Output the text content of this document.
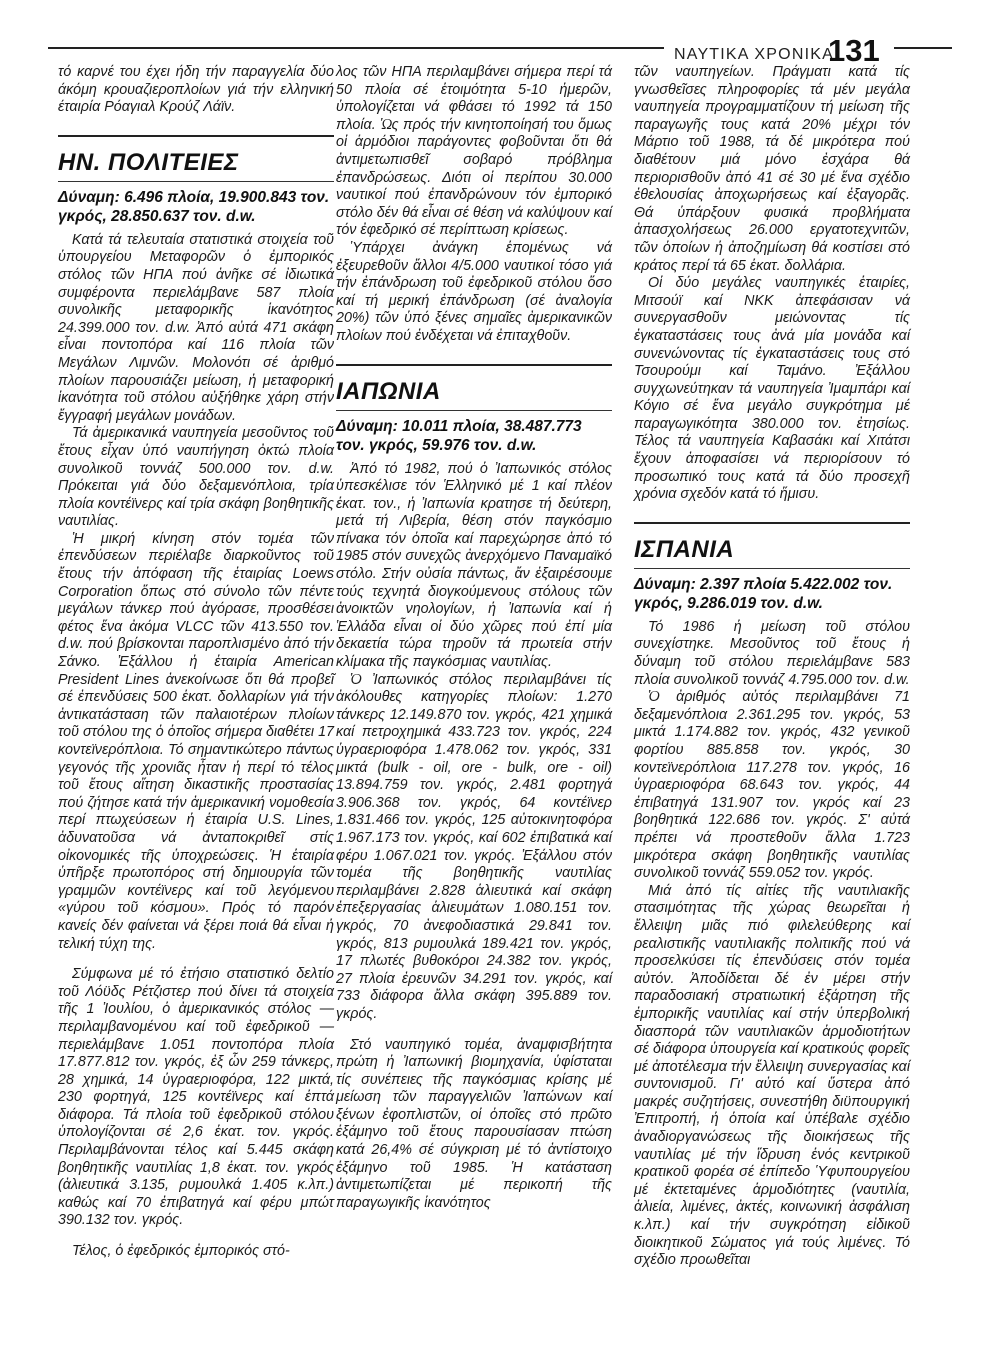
ΝΑΥΤΙΚΑ ΧΡΟΝΙΚΑ
131

τό καρνέ του έχει ήδη τήν παραγγελία δύο άκόμη κρουαζιεροπλοίων γιά τήν ελληνική έταιρία Ρόαγιαλ Κρούζ Λάϊν.

ΗΝ. ΠΟΛΙΤΕΙΕΣ
Δύναμη: 6.496 πλοία, 19.900.843 τον. γκρός, 28.850.637 τον. d.w.

Κατά τά τελευταία στατιστικά στοιχεία τοῦ ὑπουργείου Μεταφορῶν ὁ ἐμπορικός στόλος τῶν ΗΠΑ πού ἀνῆκε σέ ἰδιωτικά συμφέροντα περιελάμβανε 587 πλοία συνολικῆς μεταφορικῆς ἱκανότητος 24.399.000 τον. d.w. Ἀπό αὐτά 471 σκάφη εἶναι ποντοπόρα καί 116 πλοία τῶν Μεγάλων Λιμνῶν. Μολονότι σέ ἀριθμό πλοίων παρουσιάζει μείωση, ἡ μεταφορική ἱκανότητα τοῦ στόλου αὐξήθηκε χάρη στήν ἔγγραφή μεγάλων μονάδων.

Τά ἀμερικανικά ναυπηγεία μεσοῦντος τοῦ ἔτους εἶχαν ὑπό ναυπήγηση ὀκτώ πλοία συνολικοῦ τοννάζ 500.000 τον. d.w. Πρόκειται γιά δύο δεξαμενόπλοια, τρία πλοία κοντέϊνερς καί τρία σκάφη βοηθητικῆς ναυτιλίας.

Ἡ μικρή κίνηση στόν τομέα τῶν ἐπενδύσεων περιέλαβε διαρκοῦντος τοῦ ἔτους τήν ἀπόφαση τῆς ἑταιρίας Loews Corporation ὅπως στό σύνολο τῶν πέντε μεγάλων τάνκερ πού ἀγόρασε, προσθέσει φέτος ἕνα ἀκόμα VLCC τῶν 413.550 τον. d.w. πού βρίσκονται παροπλισμένο ἀπό τήν Σάνκο. Ἐξάλλου ἡ ἑταιρία American President Lines ἀνεκοίνωσε ὅτι θά προβεῖ σέ ἐπενδύσεις 500 ἑκατ. δολλαρίων γιά τήν ἀντικατάσταση τῶν παλαιοτέρων πλοίων τοῦ στόλου της ὁ ὁποῖος σήμερα διαθέτει 17 κοντεϊνερόπλοια. Τό σημαντικώτερο πάντως γεγονός τῆς χρονιᾶς ἦταν ἡ περί τό τέλος τοῦ ἔτους αἴτηση δικαστικῆς προστασίας πού ζήτησε κατά τήν ἀμερικανική νομοθεσία περί πτωχεύσεων ἡ ἑταιρία U.S. Lines, ἀδυνατοῦσα νά ἀνταποκριθεῖ στίς οἰκονομικές τῆς ὑποχρεώσεις. Ἡ ἑταιρία ὑπῆρξε πρωτοπόρος στή δημιουργία τῶν γραμμῶν κοντέϊνερς καί τοῦ λεγόμενου «γύρου τοῦ κόσμου». Πρός τό παρόν κανείς δέν φαίνεται νά ξέρει ποιά θά εἶναι ἡ τελική τύχη της.

Σύμφωνα μέ τό ἐτήσιο στατιστικό δελτίο τοῦ Λόϋδς Ρέτζιστερ πού δίνει τά στοιχεία τῆς 1 Ἰουλίου, ὁ ἀμερικανικός στόλος — περιλαμβανομένου καί τοῦ ἐφεδρικοῦ — περιελάμβανε 1.051 ποντοπόρα πλοία 17.877.812 τον. γκρός, ἐξ ὧν 259 τάνκερς, 28 χημικά, 14 ὑγραεριοφόρα, 122 μικτά, 230 φορτηγά, 125 κοντέϊνερς καί ἑπτά διάφορα. Τά πλοία τοῦ ἐφεδρικοῦ στόλου ὑπολογίζονται σέ 2,6 ἑκατ. τον. γκρός. Περιλαμβάνονται τέλος καί 5.445 σκάφη βοηθητικῆς ναυτιλίας 1,8 ἑκατ. τον. γκρός (ἀλιευτικά 3.135, ρυμουλκά 1.405 κ.λπ.) καθώς καί 70 ἐπιβατηγά καί φέρυ μπώτ 390.132 τον. γκρός.

Τέλος, ὁ ἐφεδρικός ἐμπορικός στό-

λος τῶν ΗΠΑ περιλαμβάνει σήμερα περί τά 50 πλοία σέ ἑτοιμότητα 5-10 ἡμερῶν, ὑπολογίζεται νά φθάσει τό 1992 τά 150 πλοία. Ὡς πρός τήν κινητοποίησή του ὅμως οἱ ἁρμόδιοι παράγοντες φοβοῦνται ὅτι θά ἀντιμετωπισθεῖ σοβαρό πρόβλημα ἐπανδρώσεως. Διότι οἱ περίπου 30.000 ναυτικοί πού ἐπανδρώνουν τόν ἐμπορικό στόλο δέν θά εἶναι σέ θέση νά καλύψουν καί τόν ἐφεδρικό σέ περίπτωση κρίσεως.

Ὑπάρχει ἀνάγκη ἑπομένως νά ἐξευρεθοῦν ἄλλοι 4/5.000 ναυτικοί τόσο γιά τήν ἐπάνδρωση τοῦ ἐφεδρικοῦ στόλου ὅσο καί τή μερική ἐπάνδρωση (σέ ἀναλογία 20%) τῶν ὑπό ξένες σημαῖες ἀμερικανικῶν πλοίων πού ἐνδέχεται νά ἐπιταχθοῦν.

ΙΑΠΩΝΙΑ
Δύναμη: 10.011 πλοία, 38.487.773 τον. γκρός, 59.976 τον. d.w.

Ἀπό τό 1982, πού ὁ Ἰαπωνικός στόλος ὑπεσκέλισε τόν Ἑλληνικό μέ 1 καί πλέον ἑκατ. τον., ἡ Ἰαπωνία κρατησε τή δεύτερη, μετά τή Λιβερία, θέση στόν παγκόσμιο πίνακα τόν ὁποῖα καί παρεχώρησε ἀπό τό 1985 στόν συνεχῶς ἀνερχόμενο Παναμαϊκό στόλο. Στήν οὐσία πάντως, ἄν ἐξαιρέσουμε τούς τεχνητά διογκούμενους στόλους τῶν ἀνοικτῶν νηολογίων, ἡ Ἰαπωνία καί ἡ Ἑλλάδα εἶναι οἱ δύο χῶρες πού ἐπί μία δεκαετία τώρα τηροῦν τά πρωτεία στήν κλίμακα τῆς παγκόσμιας ναυτιλίας.

Ὁ Ἰαπωνικός στόλος περιλαμβάνει τίς ἀκόλουθες κατηγορίες πλοίων: 1.270 τάνκερς 12.149.870 τον. γκρός, 421 χημικά καί πετροχημικά 433.723 τον. γκρός, 224 ὑγραεριοφόρα 1.478.062 τον. γκρός, 331 μικτά (bulk - oil, ore - bulk, ore - oil) 13.894.759 τον. γκρός, 2.481 φορτηγά 3.906.368 τον. γκρός, 64 κοντέϊνερ 1.831.466 τον. γκρός, 125 αὐτοκινητοφόρα 1.967.173 τον. γκρός, καί 602 ἐπιβατικά καί φέρυ 1.067.021 τον. γκρός. Ἐξάλλου στόν τομέα τῆς βοηθητικῆς ναυτιλίας περιλαμβάνει 2.828 ἁλιευτικά καί σκάφη ἐπεξεργασίας ἁλιευμάτων 1.080.151 τον. γκρός, 70 ἀνεφοδιαστικά 29.841 τον. γκρός, 813 ρυμουλκά 189.421 τον. γκρός, 17 πλωτές βυθοκόροι 24.382 τον. γκρός, 27 πλοία ἐρευνῶν 34.291 τον. γκρός, καί 733 διάφορα ἄλλα σκάφη 395.889 τον. γκρός.

Στό ναυπηγικό τομέα, ἀναμφισβήτητα πρώτη ἡ Ἰαπωνική βιομηχανία, ὑφίσταται τίς συνέπειες τῆς παγκόσμιας κρίσης μέ μείωση τῶν παραγγελιῶν Ἰαπώνων καί ξένων ἐφοπλιστῶν, οἱ ὁποῖες στό πρῶτο ἑξάμηνο τοῦ ἔτους παρουσίασαν πτώση κατά 26,4% σέ σύγκριση μέ τό ἀντίστοιχο ἑξάμηνο τοῦ 1985. Ἡ κατάσταση ἀντιμετωπίζεται μέ περικοπή τῆς παραγωγικῆς ἱκανότητος

τῶν ναυπηγείων. Πράγματι κατά τίς γνωσθεῖσες πληροφορίες τά μέν μεγάλα ναυπηγεία προγραμματίζουν τή μείωση τῆς παραγωγῆς τους κατά 20% μέχρι τόν Μάρτιο τοῦ 1988, τά δέ μικρότερα πού διαθέτουν μιά μόνο ἐσχάρα θά περιορισθοῦν ἀπό 41 σέ 30 μέ ἕνα σχέδιο ἐθελουσίας ἀποχωρήσεως καί ἐξαγορᾶς. Θά ὑπάρξουν φυσικά προβλήματα ἀπασχολήσεως 26.000 εργατοτεχνιτῶν, τῶν ὁποίων ἡ ἀποζημίωση θά κοστίσει στό κράτος περί τά 65 ἑκατ. δολλάρια.

Οἱ δύο μεγάλες ναυπηγικές ἑταιρίες, Μιτσούϊ καί ΝΚΚ ἀπεφάσισαν νά συνεργασθοῦν μειώνοντας τίς ἐγκαταστάσεις τους ἀνά μία μονάδα καί συνενώνοντας τίς ἐγκαταστάσεις τους στό Τσουρούμι καί Ταμάνο. Ἐξάλλου συγχωνεύτηκαν τά ναυπηγεία Ἰμαμπάρι καί Κόγιο σέ ἕνα μεγάλο συγκρότημα μέ παραγωγικότητα 380.000 τον. ἐτησίως. Τέλος τά ναυπηγεία Καβασάκι καί Χιτάτσι ἔχουν ἀποφασίσει νά περιορίσουν τό προσωπικό τους κατά τά δύο προσεχῆ χρόνια σχεδόν κατά τό ἥμισυ.

ΙΣΠΑΝΙΑ
Δύναμη: 2.397 πλοία 5.422.002 τον. γκρός, 9.286.019 τον. d.w.

Τό 1986 ἡ μείωση τοῦ στόλου συνεχίστηκε. Μεσοῦντος τοῦ ἔτους ἡ δύναμη τοῦ στόλου περιελάμβανε 583 πλοία συνολικοῦ τοννάζ 4.795.000 τον. d.w.

Ὁ ἀριθμός αὐτός περιλαμβάνει 71 δεξαμενόπλοια 2.361.295 τον. γκρός, 53 μικτά 1.174.882 τον. γκρός, 432 γενικοῦ φορτίου 885.858 τον. γκρός, 30 κοντεϊνερόπλοια 117.278 τον. γκρός, 16 ὑγραεριοφόρα 68.643 τον. γκρός, 44 ἐπιβατηγά 131.907 τον. γκρός καί 23 βοηθητικά 122.686 τον. γκρός. Σ' αὐτά πρέπει νά προστεθοῦν ἄλλα 1.723 μικρότερα σκάφη βοηθητικῆς ναυτιλίας συνολικοῦ τοννάζ 559.052 τον. γκρός.

Μιά ἀπό τίς αἰτίες τῆς ναυτιλιακῆς στασιμότητας τῆς χώρας θεωρεῖται ἡ ἔλλειψη μιᾶς πιό φιλελεύθερης καί ρεαλιστικῆς ναυτιλιακῆς πολιτικῆς πού νά προσελκύσει τίς ἐπενδύσεις στόν τομέα αὐτόν. Ἀποδίδεται δέ ἐν μέρει στήν παραδοσιακή στρατιωτική ἐξάρτηση τῆς ἐμπορικῆς ναυτιλίας καί στήν ὑπερβολική διασπορά τῶν ναυτιλιακῶν ἁρμοδιοτήτων σέ διάφορα ὑπουργεία καί κρατικούς φορεῖς μέ ἀποτέλεσμα τήν ἔλλειψη συνεργασίας καί συντονισμοῦ. Γι' αὐτό καί ὕστερα ἀπό μακρές συζητήσεις, συνεστήθη διϋπουργική Ἐπιτροπή, ἡ ὁποία καί ὑπέβαλε σχέδιο ἀναδιοργανώσεως τῆς διοικήσεως τῆς ναυτιλίας μέ τήν ἵδρυση ἑνός κεντρικοῦ κρατικοῦ φορέα σέ ἐπίπεδο Ὑφυπουργείου μέ ἐκτεταμένες ἁρμοδιότητες (ναυτιλία, ἁλιεία, λιμένες, ἀκτές, κοινωνική ἀσφάλιση κ.λπ.) καί τήν συγκρότηση εἰδικοῦ διοικητικοῦ Σώματος γιά τούς λιμένες. Τό σχέδιο προωθεῖται
